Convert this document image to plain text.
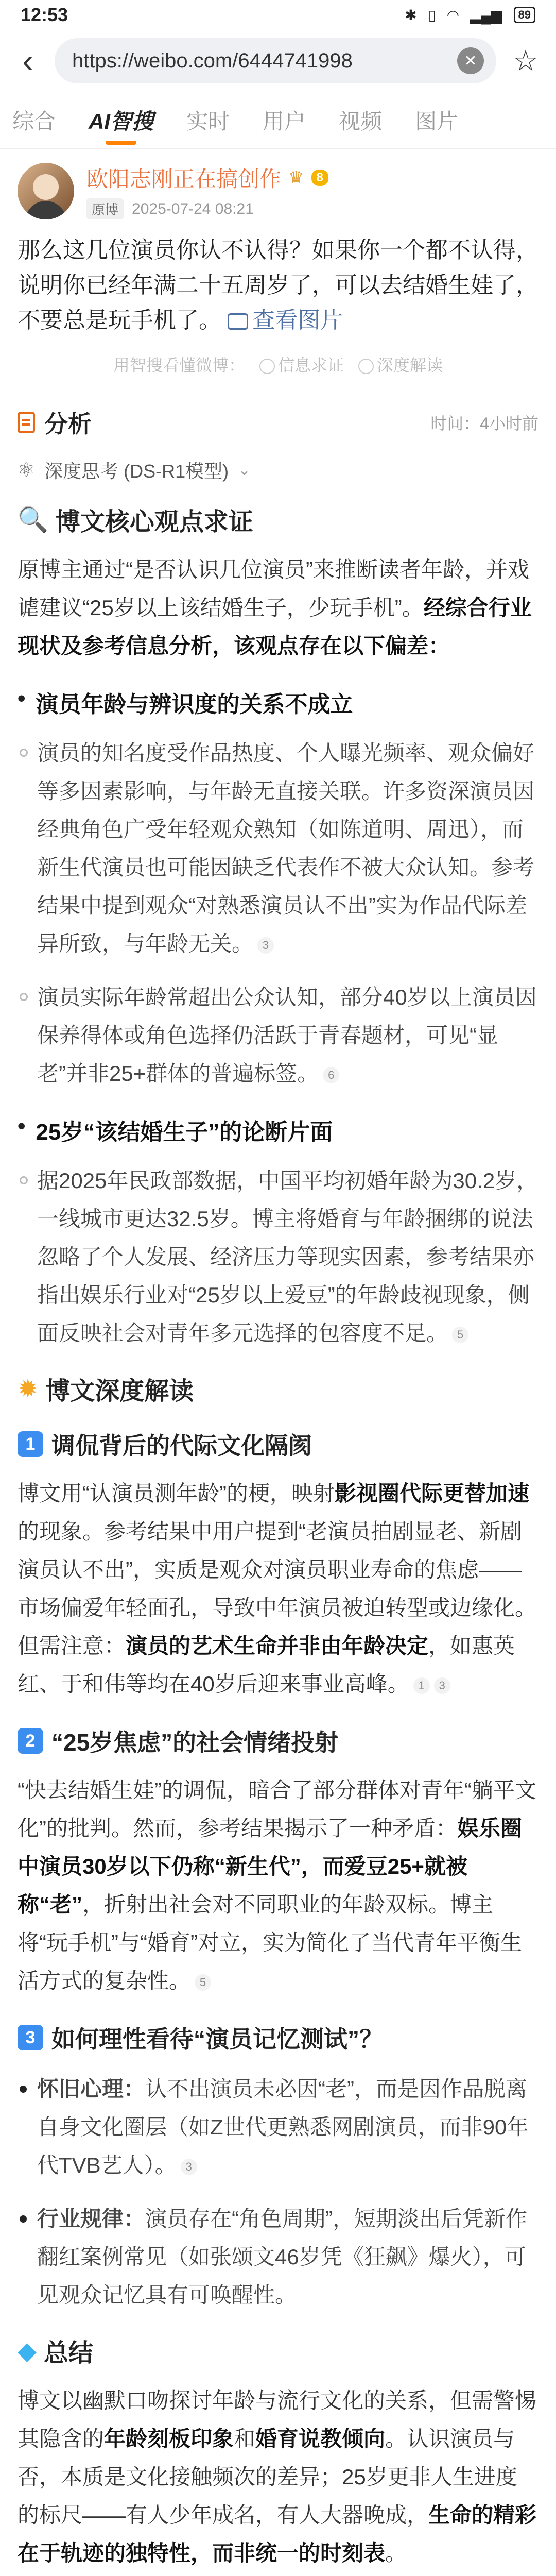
12:53	✱ ▯ ◠ ▂▄▆	89
‹	https://weibo.com/6444741998	✕ ☆
综合 AI智搜 实时 用户 视频 图片
欧阳志刚正在搞创作 ♛	8
原博 2025-07-24 08:21
那么这几位演员你认不认得？如果你一个都不认得，说明你已经年满二十五周岁了，可以去结婚生娃了，不要总是玩手机了。 查看图片
用智搜看懂微博：	信息求证	深度解读
分析	时间：4小时前
⚛ 深度思考 (DS-R1模型) ⌄
🔍 博文核心观点求证
原博主通过“是否认识几位演员”来推断读者年龄，并戏谑建议“25岁以上该结婚生子，少玩手机”。经综合行业现状及参考信息分析，该观点存在以下偏差：
• 演员年龄与辨识度的关系不成立
演员的知名度受作品热度、个人曝光频率、观众偏好等多因素影响，与年龄无直接关联。许多资深演员因经典角色广受年轻观众熟知（如陈道明、周迅），而新生代演员也可能因缺乏代表作不被大众认知。参考结果中提到观众“对熟悉演员认不出”实为作品代际差异所致，与年龄无关。 3
演员实际年龄常超出公众认知，部分40岁以上演员因保养得体或角色选择仍活跃于青春题材，可见“显老”并非25+群体的普遍标签。 6
• 25岁“该结婚生子”的论断片面
据2025年民政部数据，中国平均初婚年龄为30.2岁，一线城市更达32.5岁。博主将婚育与年龄捆绑的说法忽略了个人发展、经济压力等现实因素，参考结果亦指出娱乐行业对“25岁以上爱豆”的年龄歧视现象，侧面反映社会对青年多元选择的包容度不足。 5
✹ 博文深度解读
1 调侃背后的代际文化隔阂
博文用“认演员测年龄”的梗，映射影视圈代际更替加速的现象。参考结果中用户提到“老演员拍剧显老、新剧演员认不出”，实质是观众对演员职业寿命的焦虑——市场偏爱年轻面孔，导致中年演员被迫转型或边缘化。但需注意：演员的艺术生命并非由年龄决定，如惠英红、于和伟等均在40岁后迎来事业高峰。 1 3
2 “25岁焦虑”的社会情绪投射
“快去结婚生娃”的调侃，暗合了部分群体对青年“躺平文化”的批判。然而，参考结果揭示了一种矛盾：娱乐圈中演员30岁以下仍称“新生代”，而爱豆25+就被称“老”，折射出社会对不同职业的年龄双标。博主将“玩手机”与“婚育”对立，实为简化了当代青年平衡生活方式的复杂性。 5
3 如何理性看待“演员记忆测试”？
怀旧心理：认不出演员未必因“老”，而是因作品脱离自身文化圈层（如Z世代更熟悉网剧演员，而非90年代TVB艺人）。 3
行业规律：演员存在“角色周期”，短期淡出后凭新作翻红案例常见（如张颂文46岁凭《狂飙》爆火），可见观众记忆具有可唤醒性。
◆ 总结
博文以幽默口吻探讨年龄与流行文化的关系，但需警惕其隐含的年龄刻板印象和婚育说教倾向。认识演员与否，本质是文化接触频次的差异；25岁更非人生进度的标尺——有人少年成名，有人大器晚成，生命的精彩在于轨迹的独特性，而非统一的时刻表。
